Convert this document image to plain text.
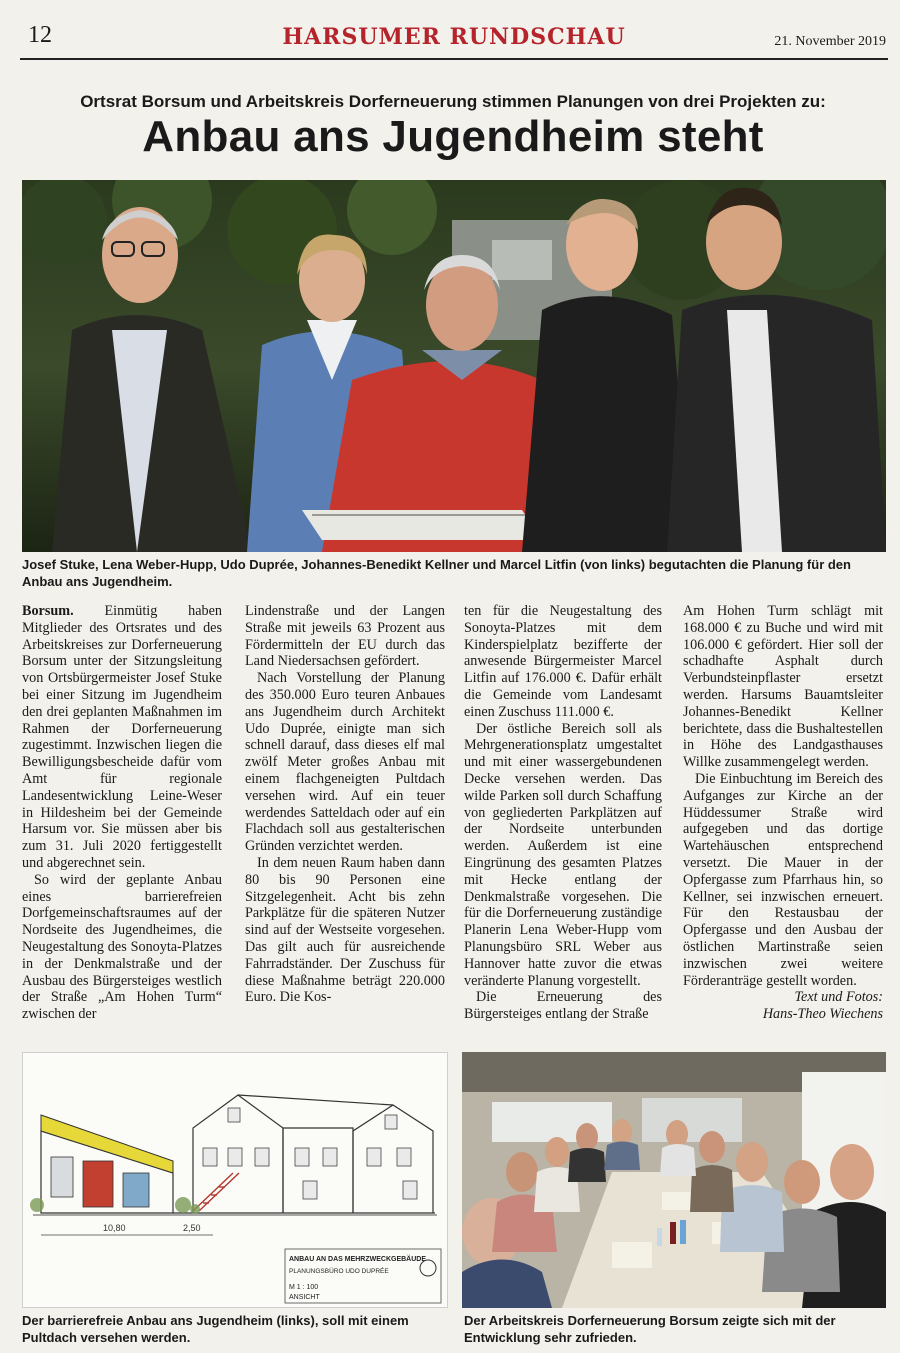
12	HARSUMER RUNDSCHAU	21. November 2019
Ortsrat Borsum und Arbeitskreis Dorferneuerung stimmen Planungen von drei Projekten zu:
Anbau ans Jugendheim steht
Josef Stuke, Lena Weber-Hupp, Udo Duprée, Johannes-Benedikt Kellner und Marcel Litfin (von links) begutachten die Planung für den Anbau ans Jugendheim.

Borsum. Einmütig haben Mitglieder des Ortsrates und des Arbeitskreises zur Dorferneuerung Borsum unter der Sitzungsleitung von Ortsbürgermeister Josef Stuke bei einer Sitzung im Jugendheim den drei geplanten Maßnahmen im Rahmen der Dorferneuerung zugestimmt. Inzwischen liegen die Bewilligungsbescheide dafür vom Amt für regionale Landesentwicklung Leine-Weser in Hildesheim bei der Gemeinde Harsum vor. Sie müssen aber bis zum 31. Juli 2020 fertiggestellt und abgerechnet sein.

So wird der geplante Anbau eines barrierefreien Dorfgemeinschaftsraumes auf der Nordseite des Jugendheimes, die Neugestaltung des Sonoyta-Platzes in der Denkmalstraße und der Ausbau des Bürgersteiges westlich der Straße „Am Hohen Turm“ zwischen der

Lindenstraße und der Langen Straße mit jeweils 63 Prozent aus Fördermitteln der EU durch das Land Niedersachsen gefördert.

Nach Vorstellung der Planung des 350.000 Euro teuren Anbaues ans Jugendheim durch Architekt Udo Duprée, einigte man sich schnell darauf, dass dieses elf mal zwölf Meter großes Anbau mit einem flachgeneigten Pultdach versehen wird. Auf ein teuer werdendes Satteldach oder auf ein Flachdach soll aus gestalterischen Gründen verzichtet werden.

In dem neuen Raum haben dann 80 bis 90 Personen eine Sitzgelegenheit. Acht bis zehn Parkplätze für die späteren Nutzer sind auf der Westseite vorgesehen. Das gilt auch für ausreichende Fahrradständer. Der Zuschuss für diese Maßnahme beträgt 220.000 Euro. Die Kos-

ten für die Neugestaltung des Sonoyta-Platzes mit dem Kinderspielplatz bezifferte der anwesende Bürgermeister Marcel Litfin auf 176.000 €. Dafür erhält die Gemeinde vom Landesamt einen Zuschuss 111.000 €.

Der östliche Bereich soll als Mehrgenerationsplatz umgestaltet und mit einer wassergebundenen Decke versehen werden. Das wilde Parken soll durch Schaffung von gegliederten Parkplätzen auf der Nordseite unterbunden werden. Außerdem ist eine Eingrünung des gesamten Platzes mit Hecke entlang der Denkmalstraße vorgesehen. Die für die Dorferneuerung zuständige Planerin Lena Weber-Hupp vom Planungsbüro SRL Weber aus Hannover hatte zuvor die etwas veränderte Planung vorgestellt.

Die Erneuerung des Bürgersteiges entlang der Straße

Am Hohen Turm schlägt mit 168.000 € zu Buche und wird mit 106.000 € gefördert. Hier soll der schadhafte Asphalt durch Verbundsteinpflaster ersetzt werden. Harsums Bauamtsleiter Johannes-Benedikt Kellner berichtete, dass die Bushaltestellen in Höhe des Landgasthauses Willke zusammengelegt werden.

Die Einbuchtung im Bereich des Aufganges zur Kirche an der Hüddessumer Straße wird aufgegeben und das dortige Wartehäuschen entsprechend versetzt. Die Mauer in der Opfergasse zum Pfarrhaus hin, so Kellner, sei inzwischen erneuert. Für den Restausbau der Opfergasse und den Ausbau der östlichen Martinstraße seien inzwischen zwei weitere Förderanträge gestellt worden.

Text und Fotos:
Hans-Theo Wiechens

10,80	2,50
ANBAU AN DAS MEHRZWECKGEBÄUDE
PLANUNGSBÜRO UDO DUPRÉE
M 1 : 100
ANSICHT
Der barrierefreie Anbau ans Jugendheim (links), soll mit einem Pultdach versehen werden.
Der Arbeitskreis Dorferneuerung Borsum zeigte sich mit der Entwicklung sehr zufrieden.
